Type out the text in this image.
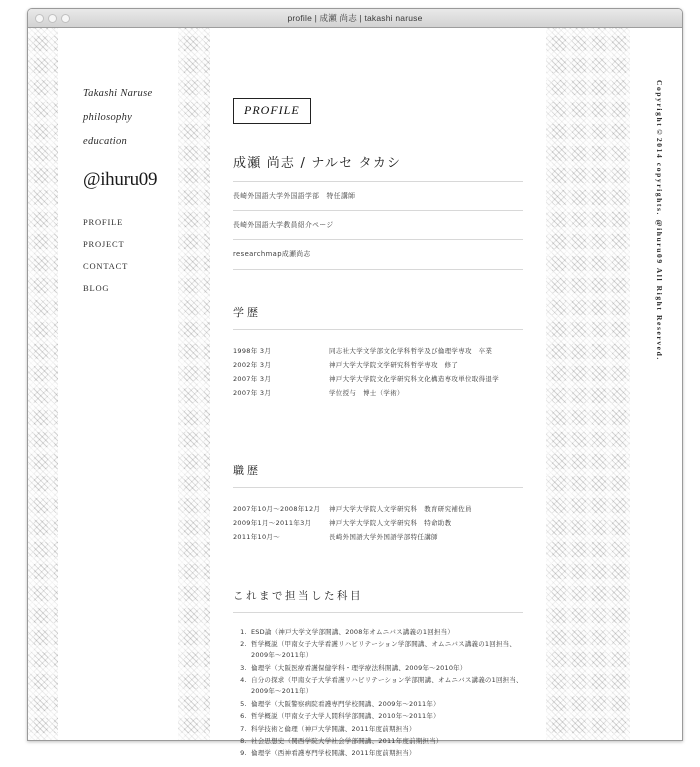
profile | 成瀬 尚志 | takashi naruse
Takashi Naruse
philosophy
education
@ihuru09
PROFILE
PROJECT
CONTACT
BLOG
PROFILE
成瀬 尚志 / ナルセ タカシ
長崎外国語大学外国語学部　特任講師
長崎外国語大学教員紹介ページ
researchmap成瀬尚志
学歴
1998年 3月	同志社大学文学部文化学科哲学及び倫理学専攻　卒業
2002年 3月	神戸大学大学院文学研究科哲学専攻　修了
2007年 3月	神戸大学大学院文化学研究科文化構造専攻単位取得退学
2007年 3月	学位授与　博士（学術）
職歴
2007年10月〜2008年12月	神戸大学大学院人文学研究科　教育研究補佐員
2009年1月〜2011年3月	神戸大学大学院人文学研究科　特命助教
2011年10月〜	長崎外国語大学外国語学部特任講師
これまで担当した科目
1. ESD論（神戸大学文学部開講、2008年オムニバス講義の1回担当）
2. 哲学概説（甲南女子大学看護リハビリテーション学部開講、オムニバス講義の1回担当、2009年〜2011年）
3. 倫理学（大阪医療看護保健学科・理学療法科開講、2009年〜2010年）
4. 自分の探求（甲南女子大学看護リハビリテーション学部開講、オムニバス講義の1回担当、2009年〜2011年）
5. 倫理学（大阪警察病院看護専門学校開講、2009年〜2011年）
6. 哲学概説（甲南女子大学人間科学部開講、2010年〜2011年）
7. 科学技術と倫理（神戸大学開講、2011年度前期担当）
8. 社会思想史（関西学院大学社会学部開講、2011年度前期担当）
9. 倫理学（西神看護専門学校開講、2011年度前期担当）
Copyright©2014 copyrights. @ihuru09 All Right Reserved.
